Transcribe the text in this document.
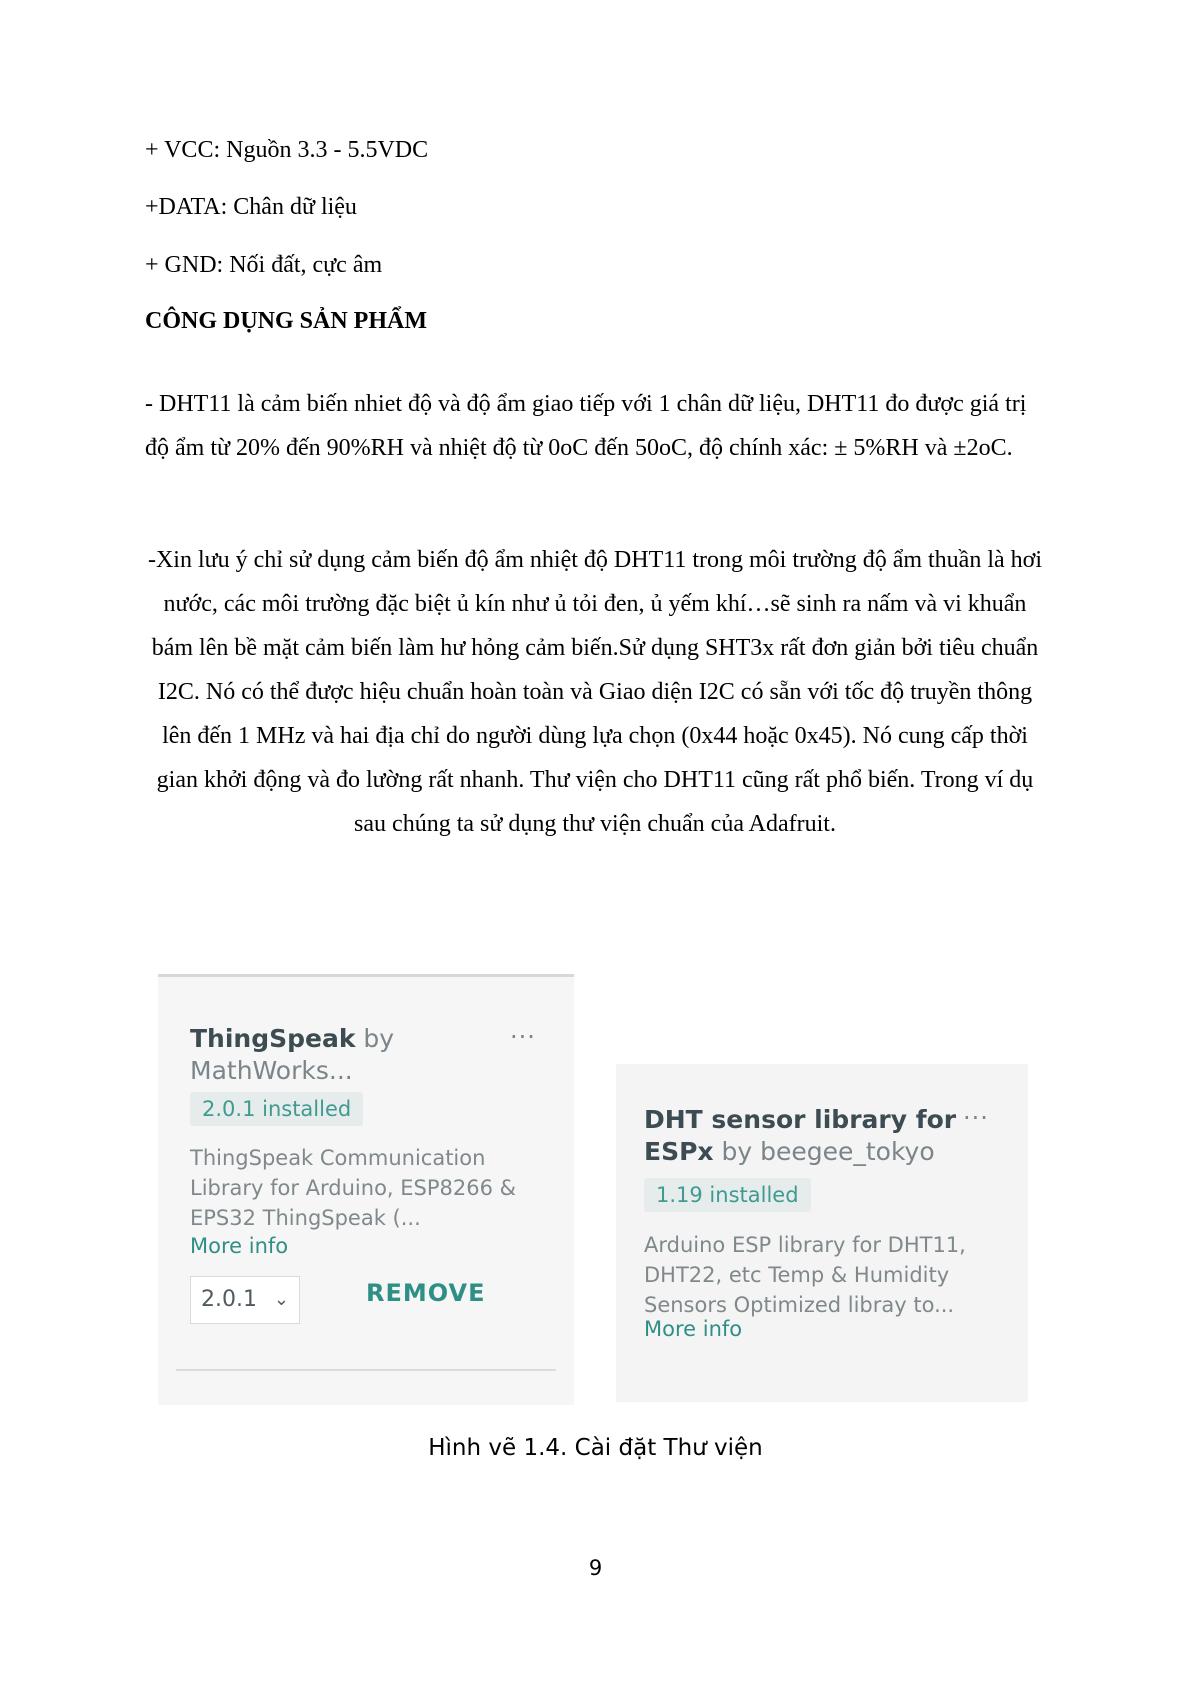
+ VCC: Nguồn 3.3 - 5.5VDC
+DATA: Chân dữ liệu
+ GND: Nối đất, cực âm
CÔNG DỤNG SẢN PHẨM
- DHT11 là cảm biến nhiet độ và độ ẩm giao tiếp với 1 chân dữ liệu, DHT11 đo được giá trị độ ẩm từ 20% đến 90%RH và nhiệt độ từ 0oC đến 50oC, độ chính xác: ± 5%RH và ±2oC.
-Xin lưu ý chỉ sử dụng cảm biến độ ẩm nhiệt độ DHT11 trong môi trường độ ẩm thuần là hơi nước, các môi trường đặc biệt ủ kín như ủ tỏi đen, ủ yếm khí…sẽ sinh ra nấm và vi khuẩn bám lên bề mặt cảm biến làm hư hỏng cảm biến.Sử dụng SHT3x rất đơn giản bởi tiêu chuẩn I2C. Nó có thể được hiệu chuẩn hoàn toàn và Giao diện I2C có sẵn với tốc độ truyền thông lên đến 1 MHz và hai địa chỉ do người dùng lựa chọn (0x44 hoặc 0x45). Nó cung cấp thời gian khởi động và đo lường rất nhanh. Thư viện cho DHT11 cũng rất phổ biến. Trong ví dụ sau chúng ta sử dụng thư viện chuẩn của Adafruit.
ThingSpeak by
MathWorks...
···
2.0.1 installed
ThingSpeak Communication Library for Arduino, ESP8266 & EPS32 ThingSpeak (...
More info
2.0.1 ⌄	REMOVE
DHT sensor library for
ESPx by beegee_tokyo
···
1.19 installed
Arduino ESP library for DHT11, DHT22, etc Temp & Humidity Sensors Optimized libray to...
More info
Hình vẽ 1.4. Cài đặt Thư viện
9
